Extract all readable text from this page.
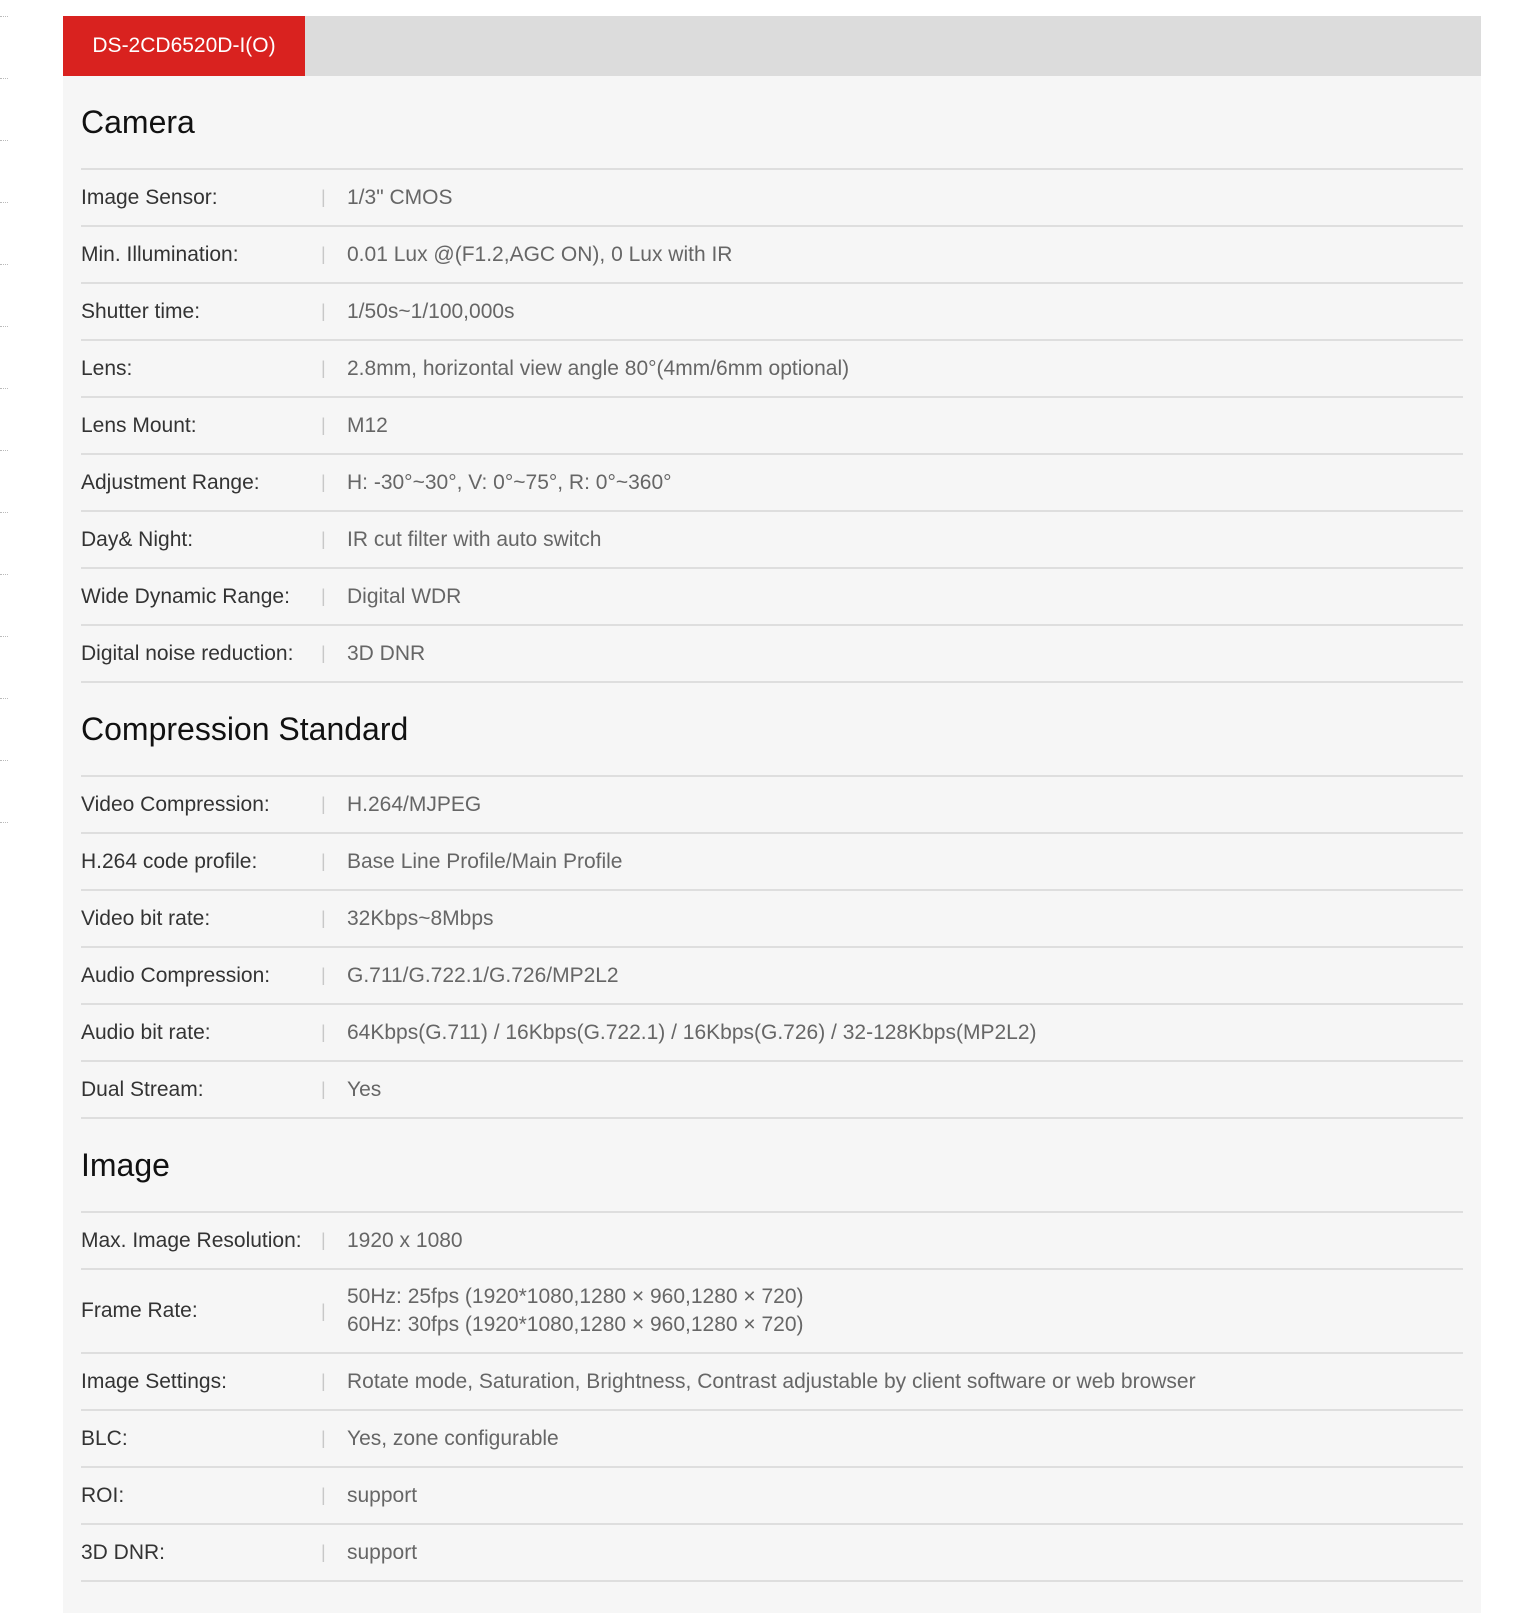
DS-2CD6520D-I(O)
Camera
Image Sensor:	|	1/3" CMOS
Min. Illumination:	|	0.01 Lux @(F1.2,AGC ON), 0 Lux with IR
Shutter time:	|	1/50s~1/100,000s
Lens:	|	2.8mm, horizontal view angle 80°(4mm/6mm optional)
Lens Mount:	|	M12
Adjustment Range:	|	H: -30°~30°, V: 0°~75°, R: 0°~360°
Day& Night:	|	IR cut filter with auto switch
Wide Dynamic Range:	|	Digital WDR
Digital noise reduction:	|	3D DNR
Compression Standard
Video Compression:	|	H.264/MJPEG
H.264 code profile:	|	Base Line Profile/Main Profile
Video bit rate:	|	32Kbps~8Mbps
Audio Compression:	|	G.711/G.722.1/G.726/MP2L2
Audio bit rate:	|	64Kbps(G.711) / 16Kbps(G.722.1) / 16Kbps(G.726) / 32-128Kbps(MP2L2)
Dual Stream:	|	Yes
Image
Max. Image Resolution:	|	1920 x 1080
Frame Rate:	|
50Hz: 25fps (1920*1080,1280 × 960,1280 × 720)
60Hz: 30fps (1920*1080,1280 × 960,1280 × 720)
Image Settings:	|	Rotate mode, Saturation, Brightness, Contrast adjustable by client software or web browser
BLC:	|	Yes, zone configurable
ROI:	|	support
3D DNR:	|	support
